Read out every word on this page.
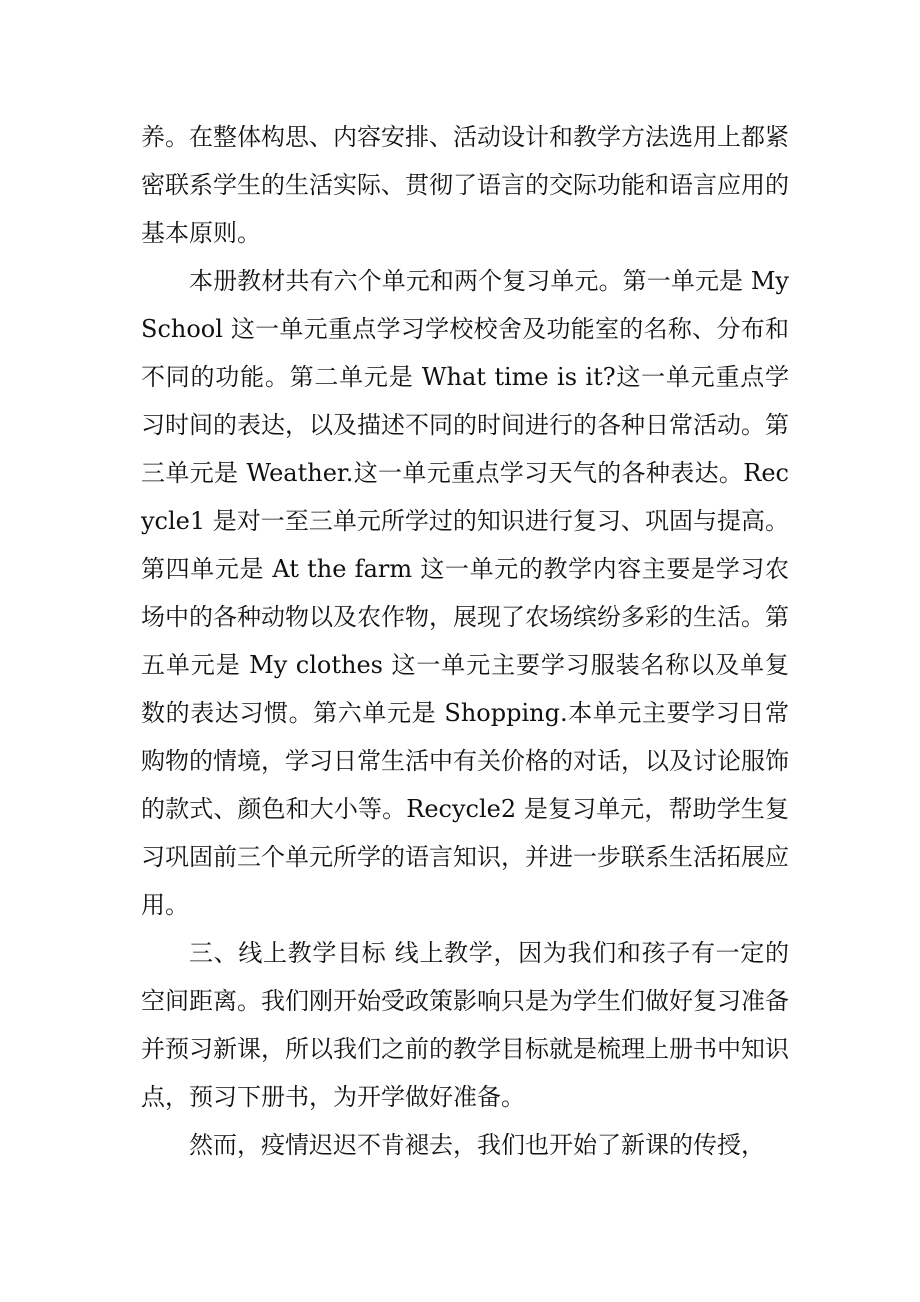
养。在整体构思、内容安排、活动设计和教学方法选用上都紧密联系学生的生活实际、贯彻了语言的交际功能和语言应用的基本原则。

本册教材共有六个单元和两个复习单元。第一单元是 My School 这一单元重点学习学校校舍及功能室的名称、分布和不同的功能。第二单元是 What time is it?这一单元重点学习时间的表达，以及描述不同的时间进行的各种日常活动。第三单元是 Weather.这一单元重点学习天气的各种表达。Recycle1 是对一至三单元所学过的知识进行复习、巩固与提高。第四单元是 At the farm 这一单元的教学内容主要是学习农场中的各种动物以及农作物，展现了农场缤纷多彩的生活。第五单元是 My clothes 这一单元主要学习服装名称以及单复数的表达习惯。第六单元是 Shopping.本单元主要学习日常购物的情境，学习日常生活中有关价格的对话，以及讨论服饰的款式、颜色和大小等。Recycle2 是复习单元，帮助学生复习巩固前三个单元所学的语言知识，并进一步联系生活拓展应用。

三、线上教学目标 线上教学，因为我们和孩子有一定的空间距离。我们刚开始受政策影响只是为学生们做好复习准备并预习新课，所以我们之前的教学目标就是梳理上册书中知识点，预习下册书，为开学做好准备。

然而，疫情迟迟不肯褪去，我们也开始了新课的传授，
